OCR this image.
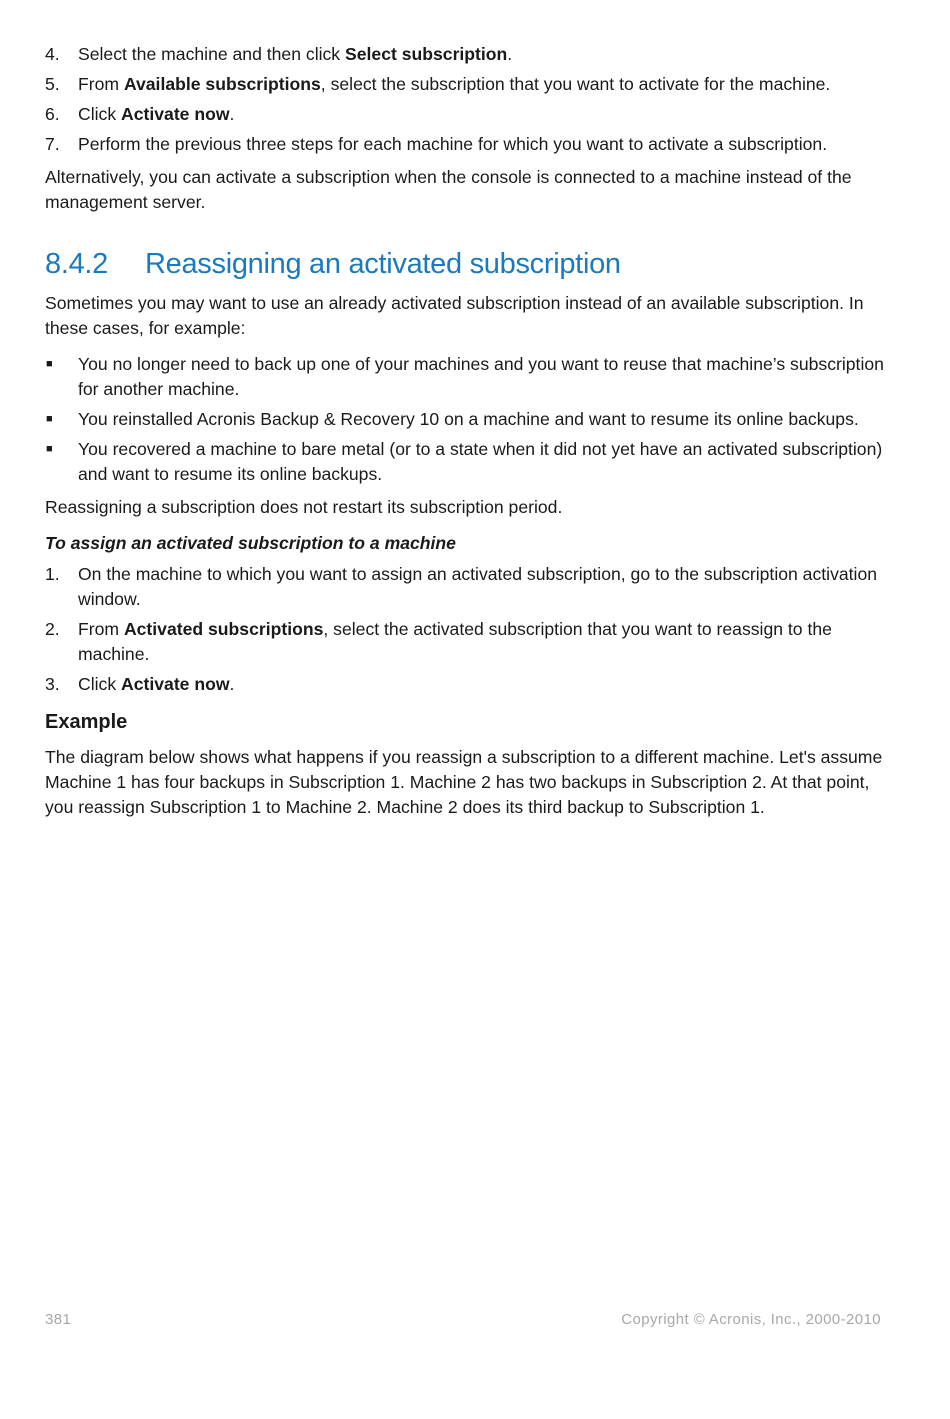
4. Select the machine and then click Select subscription.
5. From Available subscriptions, select the subscription that you want to activate for the machine.
6. Click Activate now.
7. Perform the previous three steps for each machine for which you want to activate a subscription.

Alternatively, you can activate a subscription when the console is connected to a machine instead of the management server.

8.4.2 Reassigning an activated subscription

Sometimes you may want to use an already activated subscription instead of an available subscription. In these cases, for example:

■ You no longer need to back up one of your machines and you want to reuse that machine’s subscription for another machine.
■ You reinstalled Acronis Backup & Recovery 10 on a machine and want to resume its online backups.
■ You recovered a machine to bare metal (or to a state when it did not yet have an activated subscription) and want to resume its online backups.

Reassigning a subscription does not restart its subscription period.

To assign an activated subscription to a machine
1. On the machine to which you want to assign an activated subscription, go to the subscription activation window.
2. From Activated subscriptions, select the activated subscription that you want to reassign to the machine.
3. Click Activate now.
Example

The diagram below shows what happens if you reassign a subscription to a different machine. Let's assume Machine 1 has four backups in Subscription 1. Machine 2 has two backups in Subscription 2. At that point, you reassign Subscription 1 to Machine 2. Machine 2 does its third backup to Subscription 1.

381	Copyright © Acronis, Inc., 2000-2010
